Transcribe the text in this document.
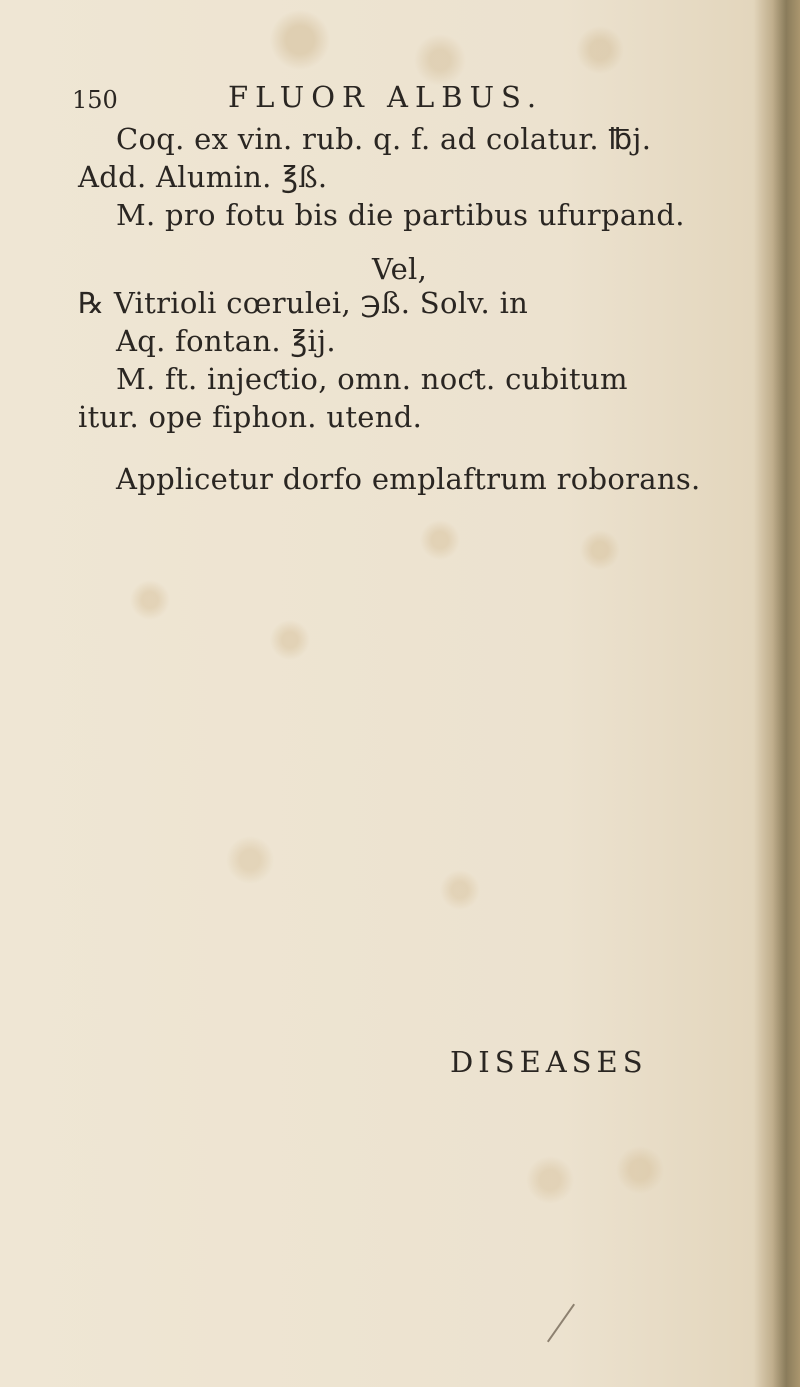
150	FLUOR ALBUS.
Coq. ex vin. rub. q. f. ad colatur. ℔j.
Add. Alumin. ℥ß.
M. pro fotu bis die partibus ufurpand.
Vel,
℞ Vitrioli cœrulei, ℈ß. Solv. in
Aq. fontan. ℥ij.
M. ft. injeƈtio, omn. noƈt. cubitum
itur. ope fiphon. utend.
Applicetur dorfo emplaftrum roborans.
DISEASES
